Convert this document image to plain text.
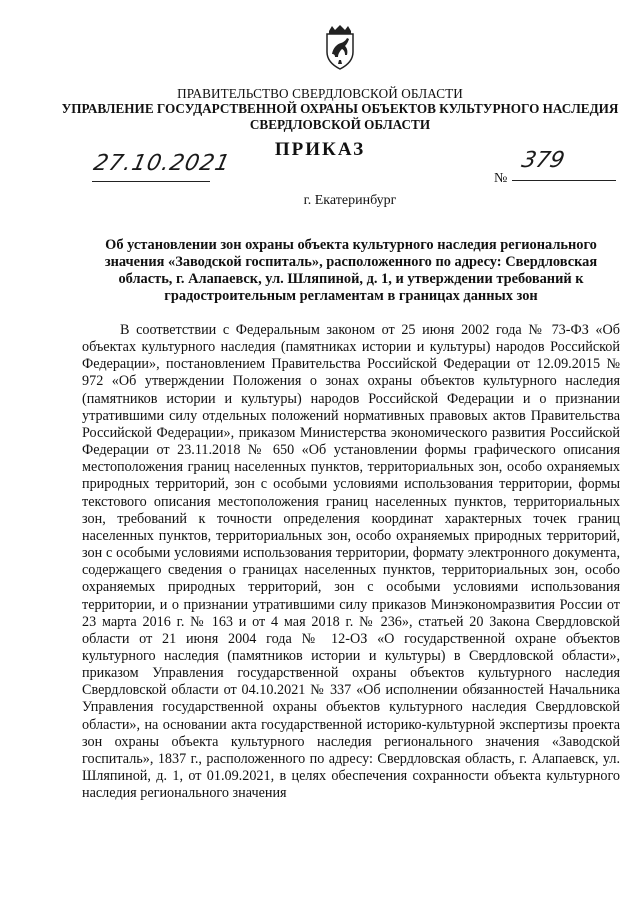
ПРАВИТЕЛЬСТВО СВЕРДЛОВСКОЙ ОБЛАСТИ
УПРАВЛЕНИЕ ГОСУДАРСТВЕННОЙ ОХРАНЫ ОБЪЕКТОВ КУЛЬТУРНОГО НАСЛЕДИЯ СВЕРДЛОВСКОЙ ОБЛАСТИ
ПРИКАЗ
27.10.2021
№
379
г. Екатеринбург
Об установлении зон охраны объекта культурного наследия регионального значения «Заводской госпиталь», расположенного по адресу: Свердловская область, г. Алапаевск, ул. Шляпиной, д. 1, и утверждении требований к градостроительным регламентам в границах данных зон
В соответствии с Федеральным законом от 25 июня 2002 года № 73-ФЗ «Об объектах культурного наследия (памятниках истории и культуры) народов Российской Федерации», постановлением Правительства Российской Федерации от 12.09.2015 № 972 «Об утверждении Положения о зонах охраны объектов культурного наследия (памятников истории и культуры) народов Российской Федерации и о признании утратившими силу отдельных положений нормативных правовых актов Правительства Российской Федерации», приказом Министерства экономического развития Российской Федерации от 23.11.2018 № 650 «Об установлении формы графического описания местоположения границ населенных пунктов, территориальных зон, особо охраняемых природных территорий, зон с особыми условиями использования территории, формы текстового описания местоположения границ населенных пунктов, территориальных зон, требований к точности определения координат характерных точек границ населенных пунктов, территориальных зон, особо охраняемых природных территорий, зон с особыми условиями использования территории, формату электронного документа, содержащего сведения о границах населенных пунктов, территориальных зон, особо охраняемых природных территорий, зон с особыми условиями использования территории, и о признании утратившими силу приказов Минэкономразвития России от 23 марта 2016 г. № 163 и от 4 мая 2018 г. № 236», статьей 20 Закона Свердловской области от 21 июня 2004 года № 12-ОЗ «О государственной охране объектов культурного наследия (памятников истории и культуры) в Свердловской области», приказом Управления государственной охраны объектов культурного наследия Свердловской области от 04.10.2021 № 337 «Об исполнении обязанностей Начальника Управления государственной охраны объектов культурного наследия Свердловской области», на основании акта государственной историко-культурной экспертизы проекта зон охраны объекта культурного наследия регионального значения «Заводской госпиталь», 1837 г., расположенного по адресу: Свердловская область, г. Алапаевск, ул. Шляпиной, д. 1, от 01.09.2021, в целях обеспечения сохранности объекта культурного наследия регионального значения
